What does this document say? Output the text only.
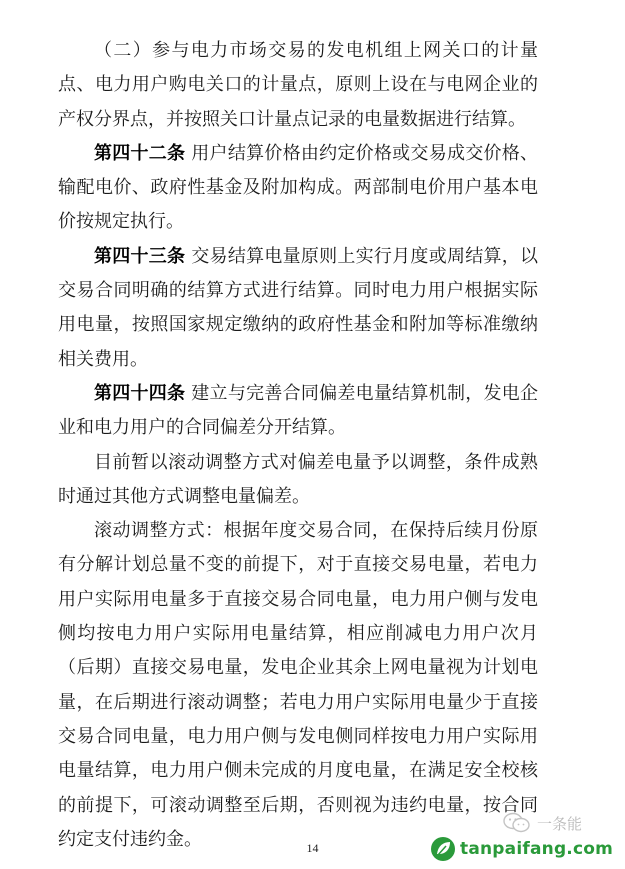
（二）参与电力市场交易的发电机组上网关口的计量点、电力用户购电关口的计量点，原则上设在与电网企业的产权分界点，并按照关口计量点记录的电量数据进行结算。

第四十二条 用户结算价格由约定价格或交易成交价格、输配电价、政府性基金及附加构成。两部制电价用户基本电价按规定执行。

第四十三条 交易结算电量原则上实行月度或周结算，以交易合同明确的结算方式进行结算。同时电力用户根据实际用电量，按照国家规定缴纳的政府性基金和附加等标准缴纳相关费用。

第四十四条 建立与完善合同偏差电量结算机制，发电企业和电力用户的合同偏差分开结算。

目前暂以滚动调整方式对偏差电量予以调整，条件成熟时通过其他方式调整电量偏差。

滚动调整方式：根据年度交易合同，在保持后续月份原有分解计划总量不变的前提下，对于直接交易电量，若电力用户实际用电量多于直接交易合同电量，电力用户侧与发电侧均按电力用户实际用电量结算，相应削减电力用户次月（后期）直接交易电量，发电企业其余上网电量视为计划电量，在后期进行滚动调整；若电力用户实际用电量少于直接交易合同电量，电力用户侧与发电侧同样按电力用户实际用电量结算，电力用户侧未完成的月度电量，在满足安全校核的前提下，可滚动调整至后期，否则视为违约电量，按合同约定支付违约金。	14
一条能
tanpaifang.com
